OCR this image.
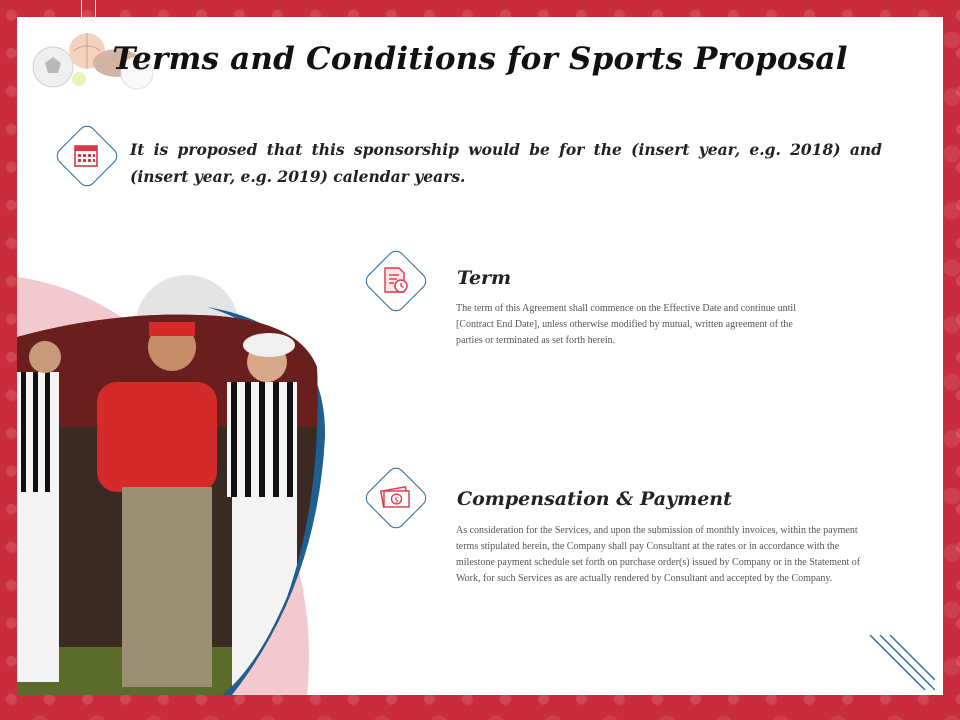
Terms and Conditions for Sports Proposal
It is proposed that this sponsorship would be for the (insert year, e.g. 2018) and (insert year, e.g. 2019) calendar years.
Term
The term of this Agreement shall commence on the Effective Date and continue until [Contract End Date], unless otherwise modified by mutual, written agreement of the parties or terminated as set forth herein.
$	Compensation & Payment
As consideration for the Services, and upon the submission of monthly invoices, within the payment terms stipulated herein, the Company shall pay Consultant at the rates or in accordance with the milestone payment schedule set forth on purchase order(s) issued by Company or in the Statement of Work, for such Services as are actually rendered by Consultant and accepted by the Company.
